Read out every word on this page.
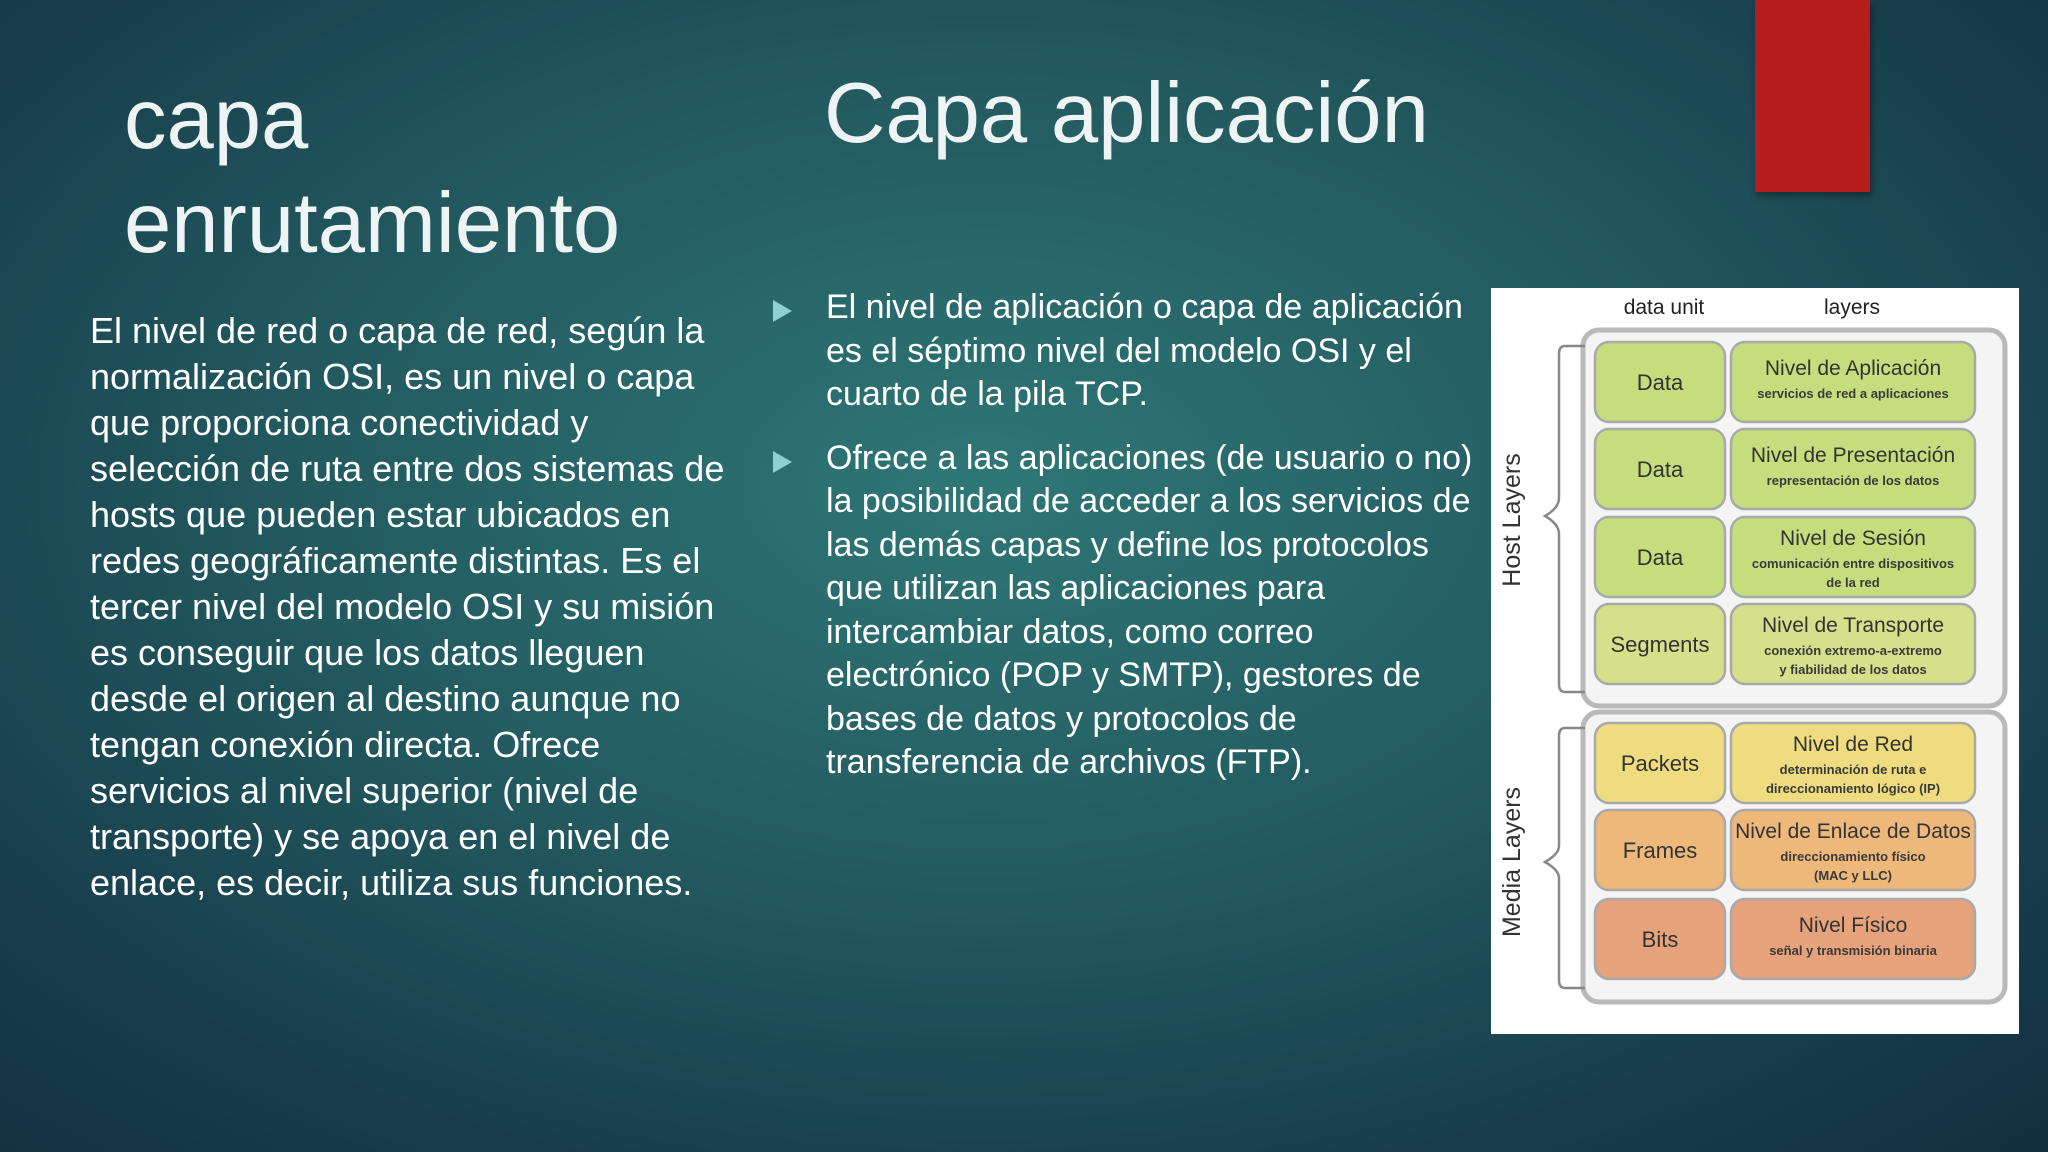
capa enrutamiento
Capa aplicación

El nivel de red o capa de red, según la normalización OSI, es un nivel o capa que proporciona conectividad y selección de ruta entre dos sistemas de hosts que pueden estar ubicados en redes geográficamente distintas. Es el tercer nivel del modelo OSI y su misión es conseguir que los datos lleguen desde el origen al destino aunque no tengan conexión directa. Ofrece servicios al nivel superior (nivel de transporte) y se apoya en el nivel de enlace, es decir, utiliza sus funciones.

El nivel de aplicación o capa de aplicación es el séptimo nivel del modelo OSI y el cuarto de la pila TCP.
Ofrece a las aplicaciones (de usuario o no) la posibilidad de acceder a los servicios de las demás capas y define los protocolos que utilizan las aplicaciones para intercambiar datos, como correo electrónico (POP y SMTP), gestores de bases de datos y protocolos de transferencia de archivos (FTP).
data unit	layers
Host Layers
Media Layers
Data
Nivel de Aplicación
servicios de red a aplicaciones
Data
Nivel de Presentación
representación de los datos
Data
Nivel de Sesión
comunicación entre dispositivos
de la red
Segments
Nivel de Transporte
conexión extremo-a-extremo
y fiabilidad de los datos
Packets
Nivel de Red
determinación de ruta e
direccionamiento lógico (IP)
Frames
Nivel de Enlace de Datos
direccionamiento físico
(MAC y LLC)
Bits
Nivel Físico
señal y transmisión binaria
